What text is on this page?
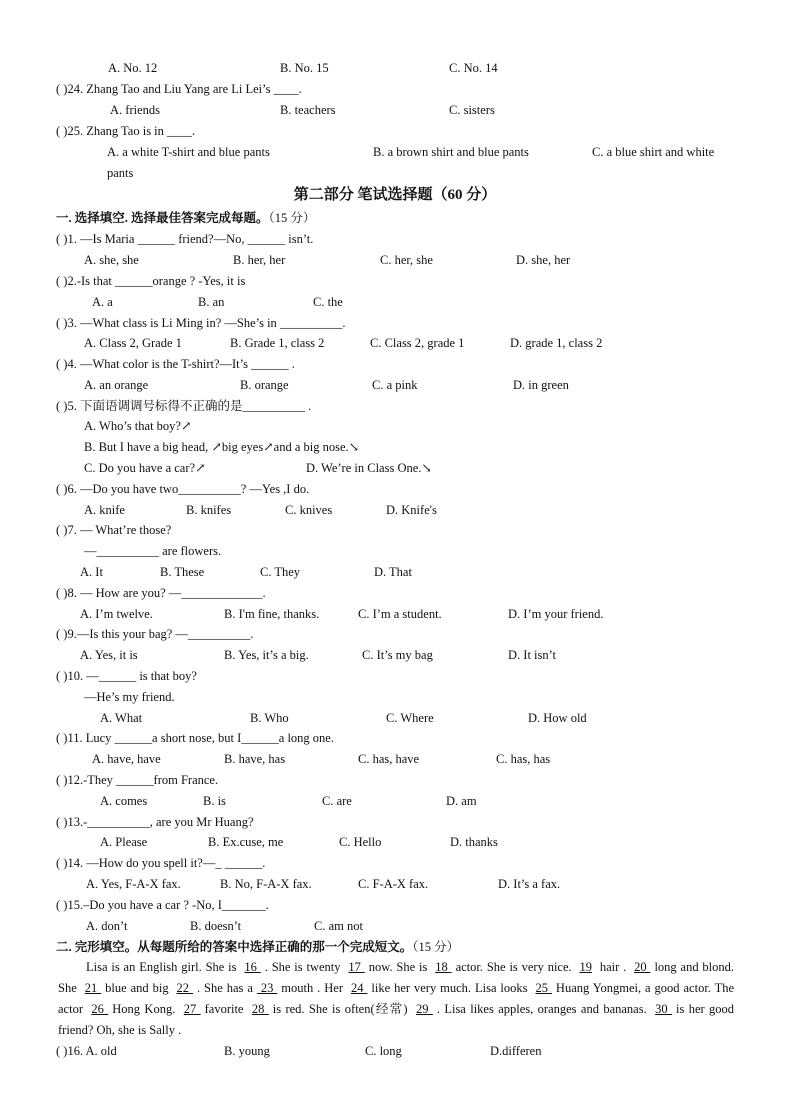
A. No. 12	B. No. 15	C. No. 14
( )24. Zhang Tao and Liu Yang are Li Lei’s ____.
A. friends	B. teachers	C. sisters
( )25. Zhang Tao is in ____.
A. a white T-shirt and blue pants	B. a brown shirt and blue pants	C. a blue shirt and white
pants
第二部分 笔试选择题（60 分）
一. 选择填空. 选择最佳答案完成每题。（15 分）
( )1. —Is Maria ______ friend?—No, ______ isn’t.
A. she, she	B. her, her	C. her, she	D. she, her
( )2.-Is that ______orange ? -Yes, it is
A. a	B. an	C. the
( )3. —What class is Li Ming in? —She’s in __________.
A. Class 2, Grade 1	B. Grade 1, class 2	C. Class 2, grade 1	D. grade 1, class 2
( )4. —What color is the T-shirt?—It’s ______ .
A. an orange	B. orange	C. a pink	D. in green
( )5. 下面语调调号标得不正确的是__________ .
A. Who’s that boy?↗
B. But I have a big head, ↗big eyes↗and a big nose.↘
C. Do you have a car?↗	D. We’re in Class One.↘
( )6. —Do you have two__________? —Yes ,I do.
A. knife	B. knifes	C. knives	D. Knife's
( )7. — What’re those?
—__________ are flowers.
A. It	B. These	C. They	D. That
( )8. — How are you? —_____________.
A. I’m twelve.	B. I'm fine, thanks.	C. I’m a student.	D. I’m your friend.
( )9.—Is this your bag? —__________.
A. Yes, it is	B. Yes, it’s a big.	C. It’s my bag	D. It isn’t
( )10. —______ is that boy?
—He’s my friend.
A. What	B. Who	C. Where	D. How old
( )11. Lucy ______a short nose, but I______a long one.
A. have, have	B. have, has	C. has, have	C. has, has
( )12.-They ______from France.
A. comes	B. is	C. are	D. am
( )13.-__________, are you Mr Huang?
A. Please	B. Ex.cuse, me	C. Hello	D. thanks
( )14. —How do you spell it?—_ ______.
A. Yes, F-A-X fax.	B. No, F-A-X fax.	C. F-A-X fax.	D. It’s a fax.
( )15.–Do you have a car ? -No, I_______.
A. don’t	B. doesn’t	C. am not
二. 完形填空。从每题所给的答案中选择正确的那一个完成短文。（15 分）
Lisa is an English girl. She is 16 . She is twenty 17 now. She is 18 actor. She is very nice. 19 hair . 20 long and blond. She 21 blue and big 22 . She has a 23 mouth . Her 24 like her very much. Lisa looks 25 Huang Yongmei, a good actor. The actor 26 Hong Kong. 27 favorite 28 is red. She is often(经常) 29 . Lisa likes apples, oranges and bananas. 30 is her good friend? Oh, she is Sally .
( )16. A. old	B. young	C. long	D.differen
